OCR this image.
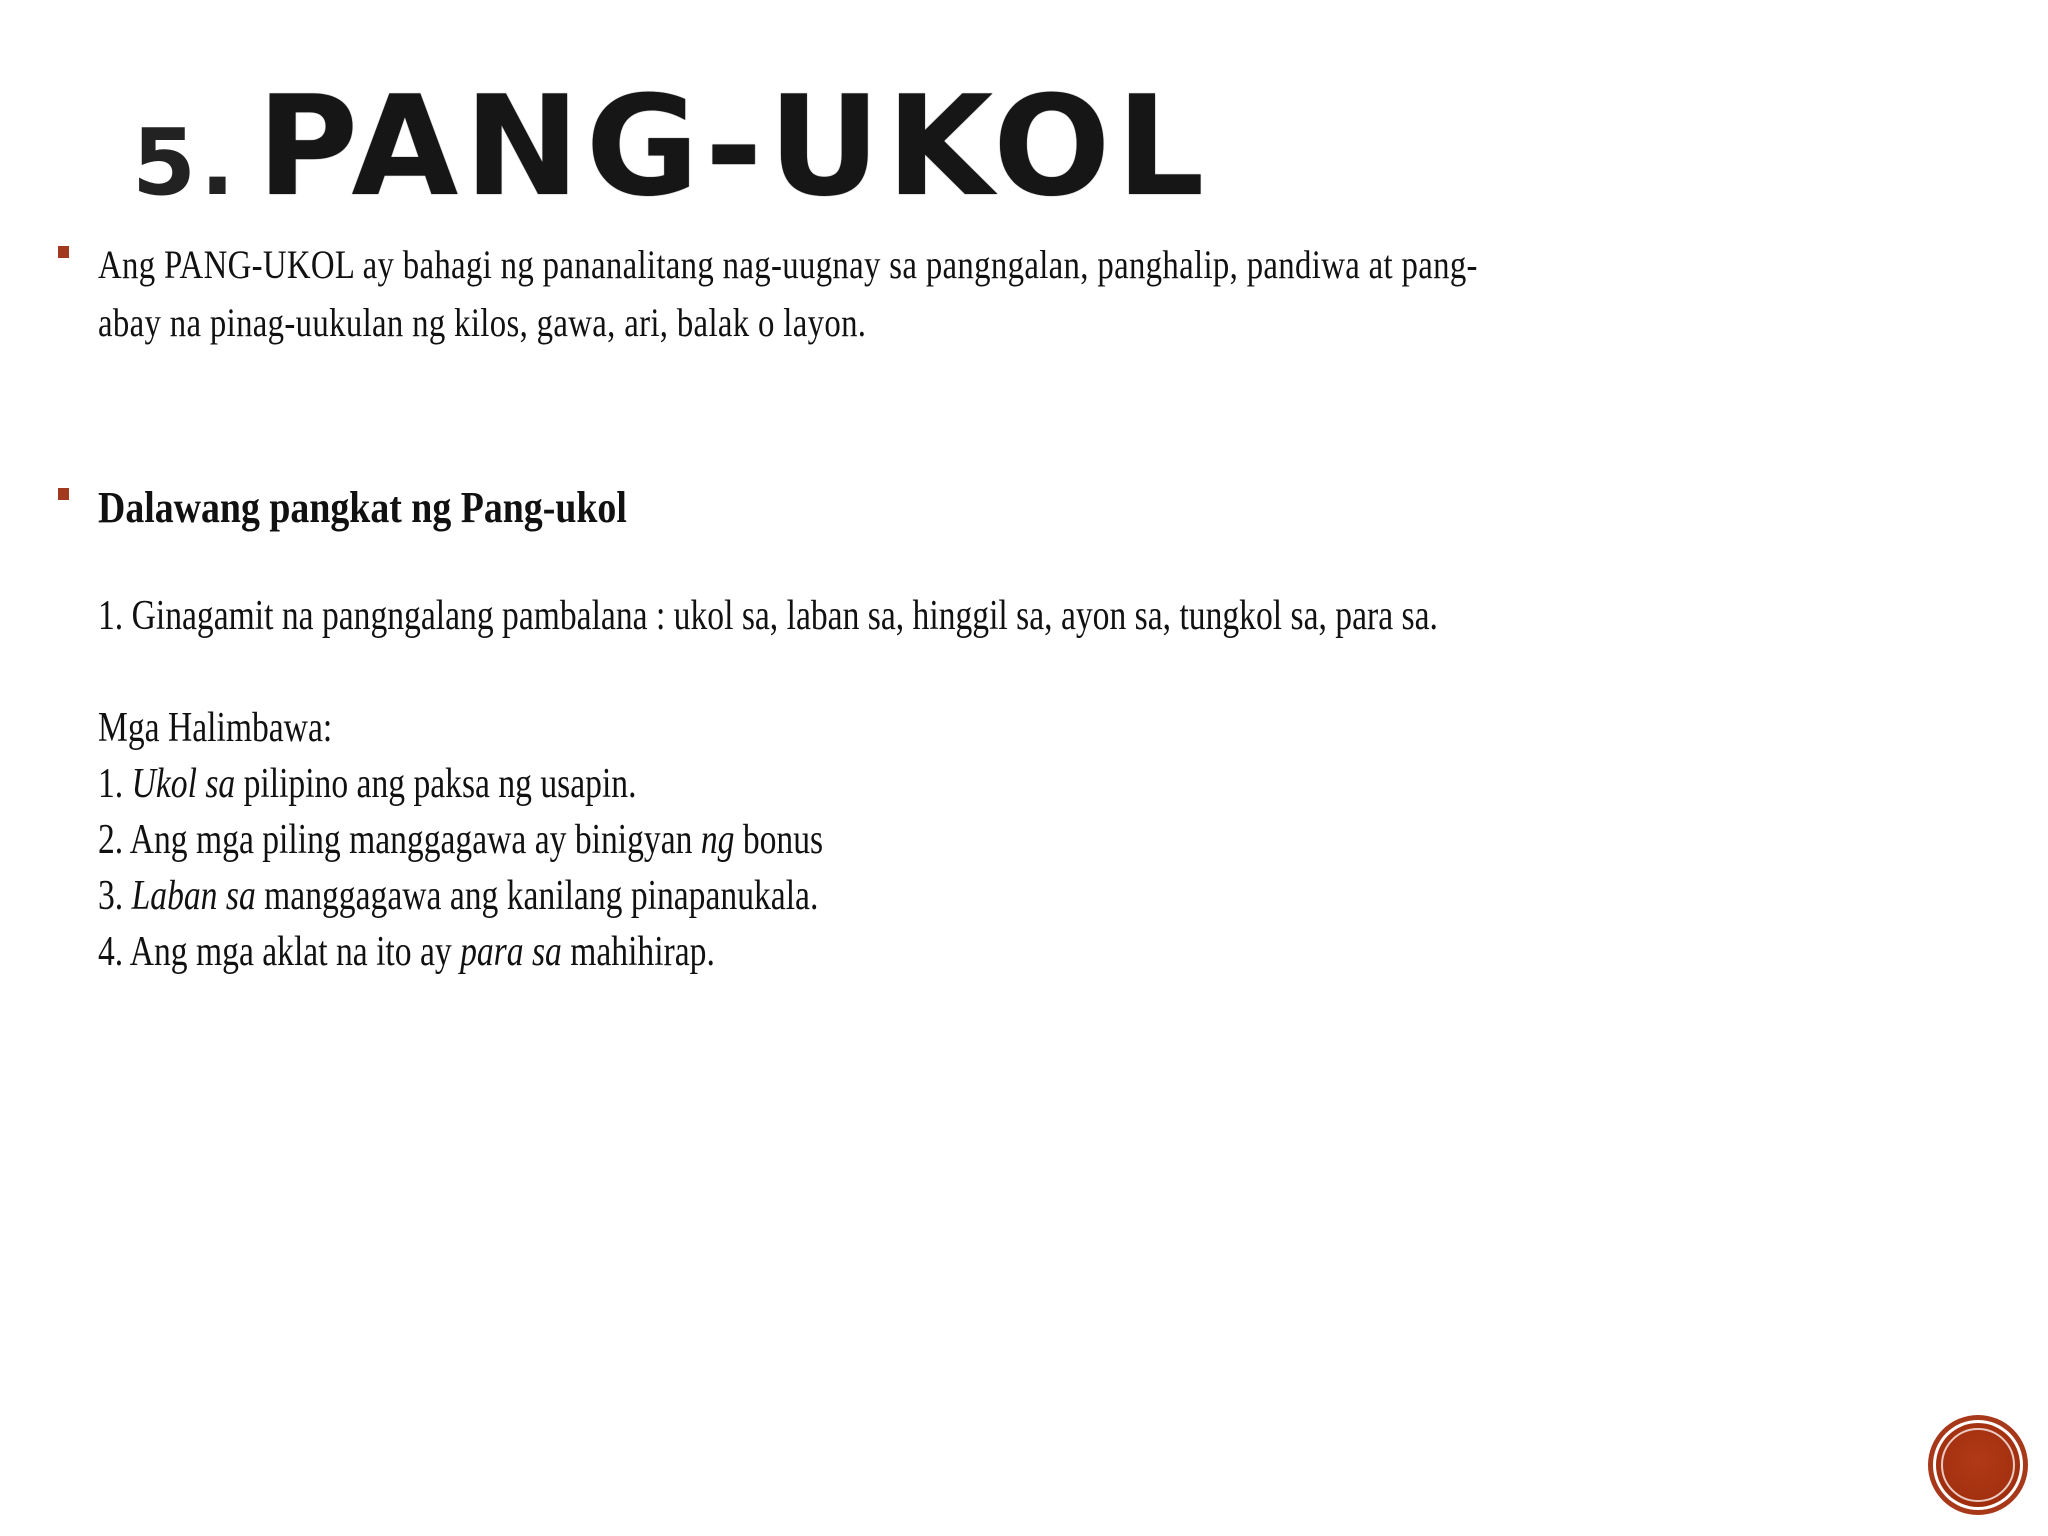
5. PANG-UKOL
Ang PANG-UKOL ay bahagi ng pananalitang nag-uugnay sa pangngalan, panghalip, pandiwa at pang-
abay na pinag-uukulan ng kilos, gawa, ari, balak o layon.
Dalawang pangkat ng Pang-ukol
1. Ginagamit na pangngalang pambalana : ukol sa, laban sa, hinggil sa, ayon sa, tungkol sa, para sa.
Mga Halimbawa:
1. Ukol sa pilipino ang paksa ng usapin.
2. Ang mga piling manggagawa ay binigyan ng bonus
3. Laban sa manggagawa ang kanilang pinapanukala.
4. Ang mga aklat na ito ay para sa mahihirap.
